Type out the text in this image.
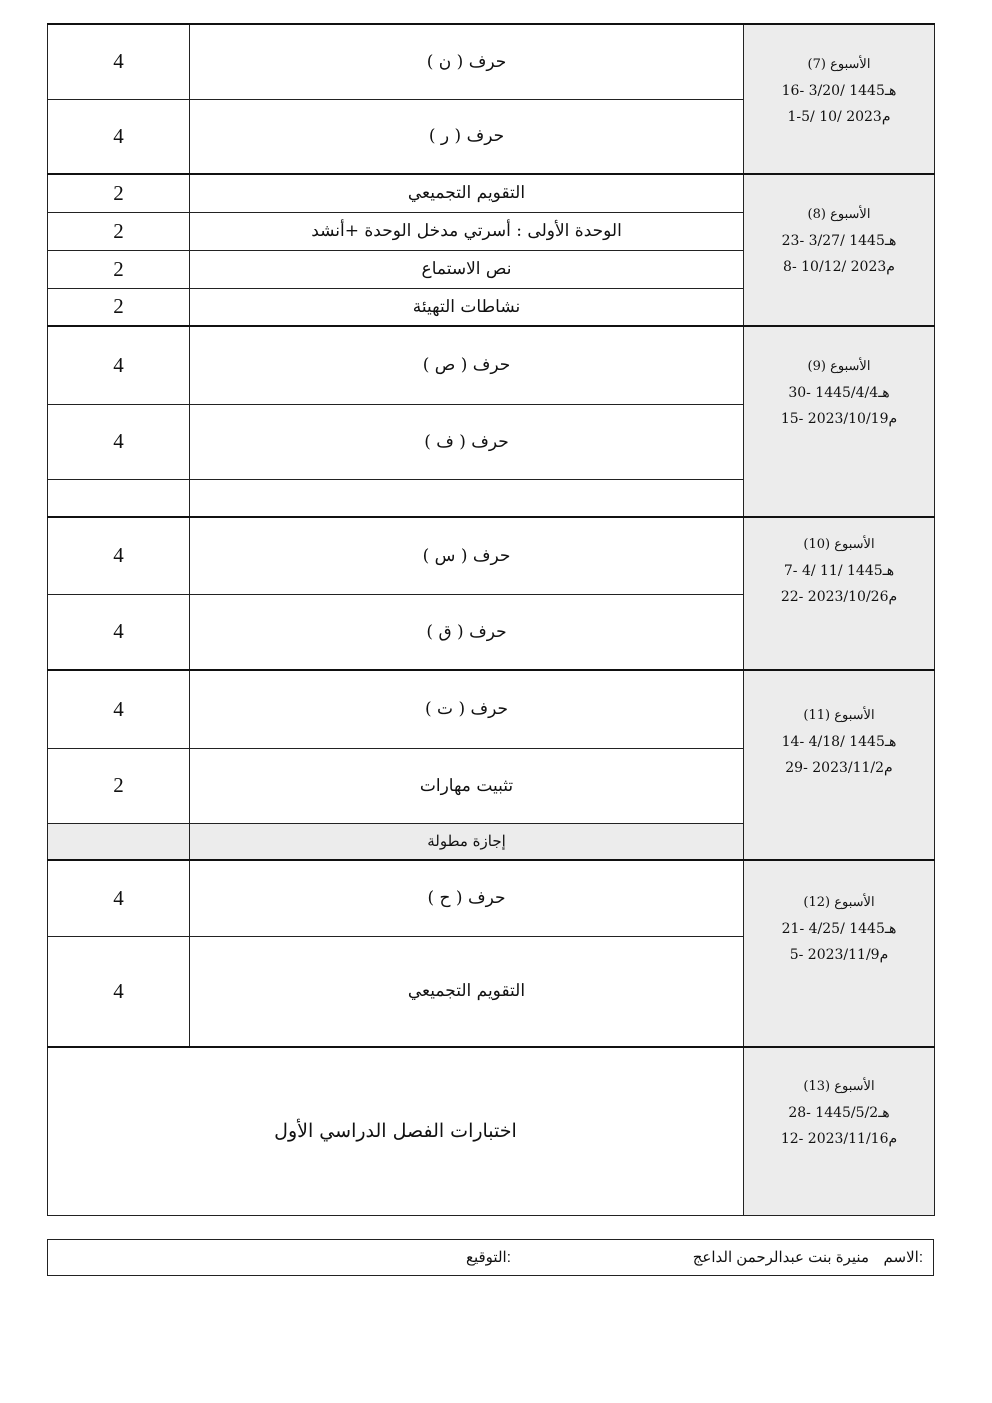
4	حرف ( ن )	الأسبوع (7)
16- 3/20/ 1445هـ
1-5/ 10/ 2023م
4	حرف ( ر )	
2	التقويم التجميعي	الأسبوع (8)
23- 3/27/ 1445هـ
8- 10/12/ 2023م
2	الوحدة الأولى : أسرتي مدخل الوحدة +أنشد	
2	نص الاستماع	
2	نشاطات التهيئة	
4	حرف ( ص )	الأسبوع (9)
30- 1445/4/4هـ
15- 2023/10/19م
4	حرف ( ف )	

4	حرف ( س )	الأسبوع (10)
7- 4/ 11/ 1445هـ
22- 2023/10/26م
4	حرف ( ق )	
4	حرف ( ت )	الأسبوع (11)
14- 4/18/ 1445هـ
29- 2023/11/2م
2	تثبيت مهارات	
	إجازة مطولة	
4	حرف ( ح )	الأسبوع (12)
21- 4/25/ 1445هـ
5- 2023/11/9م
4	التقويم التجميعي	
اختبارات الفصل الدراسي الأول		الأسبوع (13)
28- 1445/5/2هـ
12- 2023/11/16م
الاسم:
منيرة بنت عبدالرحمن الداعج
التوقيع:
